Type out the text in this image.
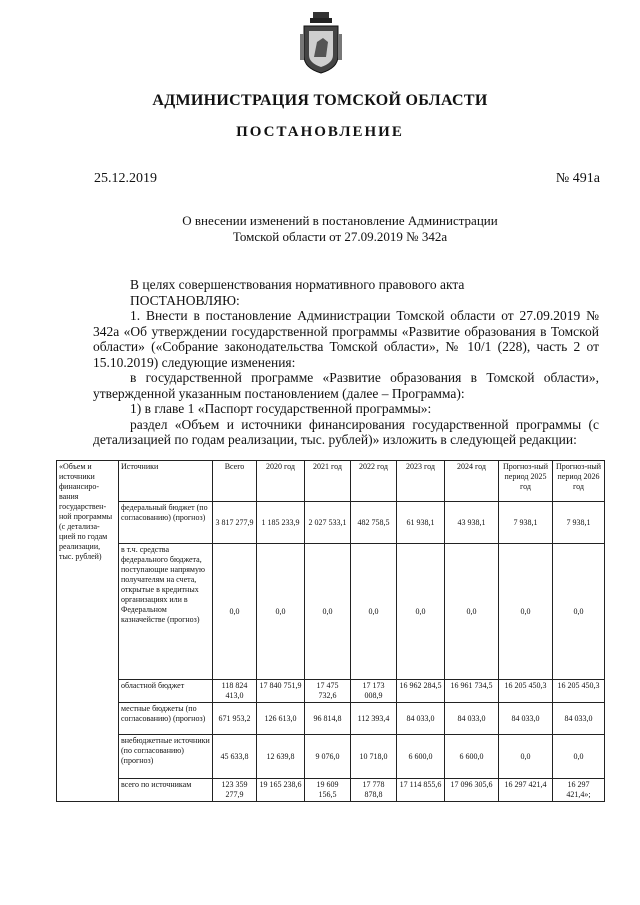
АДМИНИСТРАЦИЯ ТОМСКОЙ ОБЛАСТИ
ПОСТАНОВЛЕНИЕ
25.12.2019	№ 491а
О внесении изменений в постановление Администрации
Томской области от 27.09.2019 № 342а

В целях совершенствования нормативного правового акта

ПОСТАНОВЛЯЮ:

1. Внести в постановление Администрации Томской области от 27.09.2019 № 342а «Об утверждении государственной программы «Развитие образования в Томской области» («Собрание законодательства Томской области», № 10/1 (228), часть 2 от 15.10.2019) следующие изменения:

в государственной программе «Развитие образования в Томской области», утвержденной указанным постановлением (далее – Программа):

1) в главе 1 «Паспорт государственной программы»:

раздел «Объем и источники финансирования государственной программы (с детализацией по годам реализации, тыс. рублей)» изложить в следующей редакции:

«Объем и источники финансиро-вания государствен-ной программы (с детализа-цией по годам реализации, тыс. рублей)	Источники	Всего	2020 год	2021 год	2022 год	2023 год	2024 год	Прогноз-ный период 2025 год	Прогноз-ный период 2026 год
	федеральный бюджет (по согласованию) (прогноз)	3 817 277,9	1 185 233,9	2 027 533,1	482 758,5	61 938,1	43 938,1	7 938,1	7 938,1
	в т.ч. средства федерального бюджета, поступающие напрямую получателям на счета, открытые в кредитных организациях или в Федеральном казначействе (прогноз)	0,0	0,0	0,0	0,0	0,0	0,0	0,0	0,0
	областной бюджет	118 824 413,0	17 840 751,9	17 475 732,6	17 173 008,9	16 962 284,5	16 961 734,5	16 205 450,3	16 205 450,3
	местные бюджеты (по согласованию) (прогноз)	671 953,2	126 613,0	96 814,8	112 393,4	84 033,0	84 033,0	84 033,0	84 033,0
	внебюджетные источники (по согласованию) (прогноз)	45 633,8	12 639,8	9 076,0	10 718,0	6 600,0	6 600,0	0,0	0,0
	всего по источникам	123 359 277,9	19 165 238,6	19 609 156,5	17 778 878,8	17 114 855,6	17 096 305,6	16 297 421,4	16 297 421,4»;
